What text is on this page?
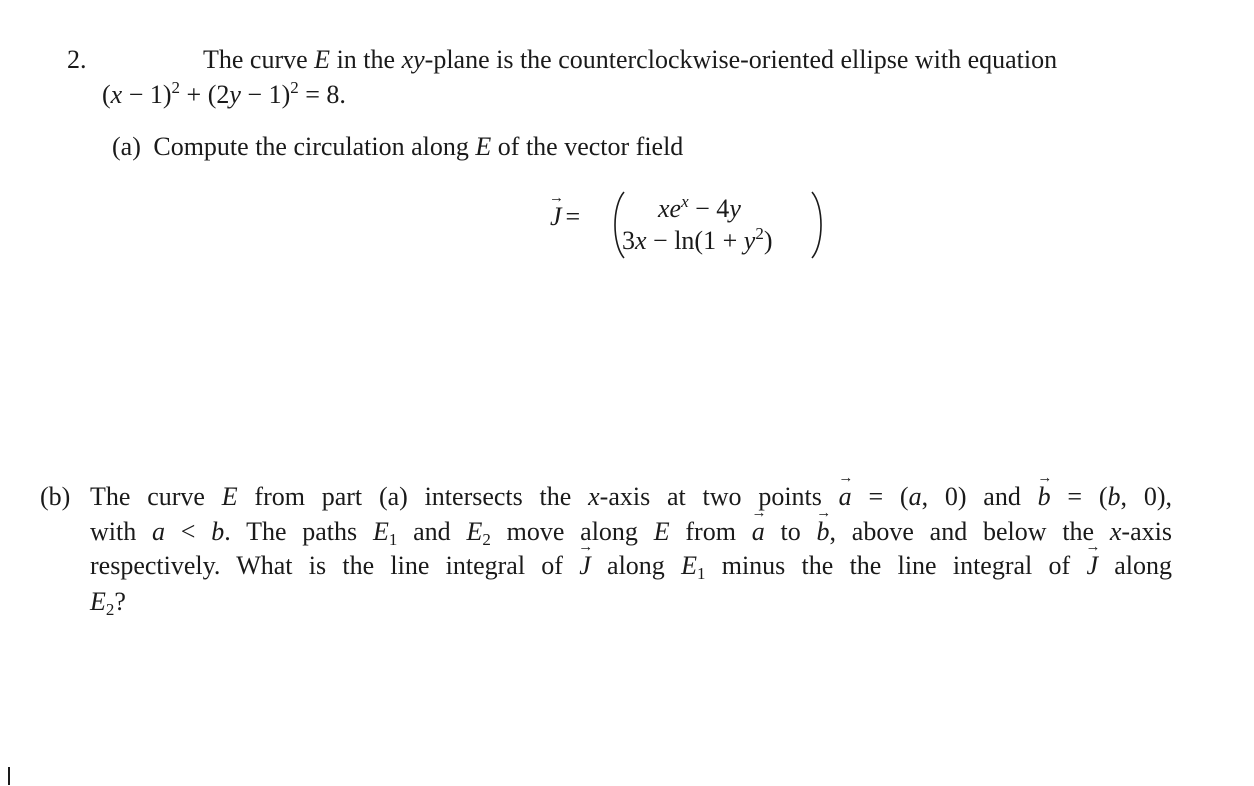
2.	The curve E in the xy-plane is the counterclockwise-oriented ellipse with equation
$(x - 1)^2 + (2y - 1)^2 = 8$.
(a) Compute the circulation along E of the vector field
→ J =	$xe^x - 4y$
$3x - \ln(1 + y^2)$
(b) The curve E from part (a) intersects the x-axis at two points → a = (a, 0) and → b = (b, 0),
with a < b. The paths $E_1$ and $E_2$ move along E from → a to → b, above and below the x-axis
respectively. What is the line integral of → J along $E_1$ minus the the line integral of → J along
$E_2$?
